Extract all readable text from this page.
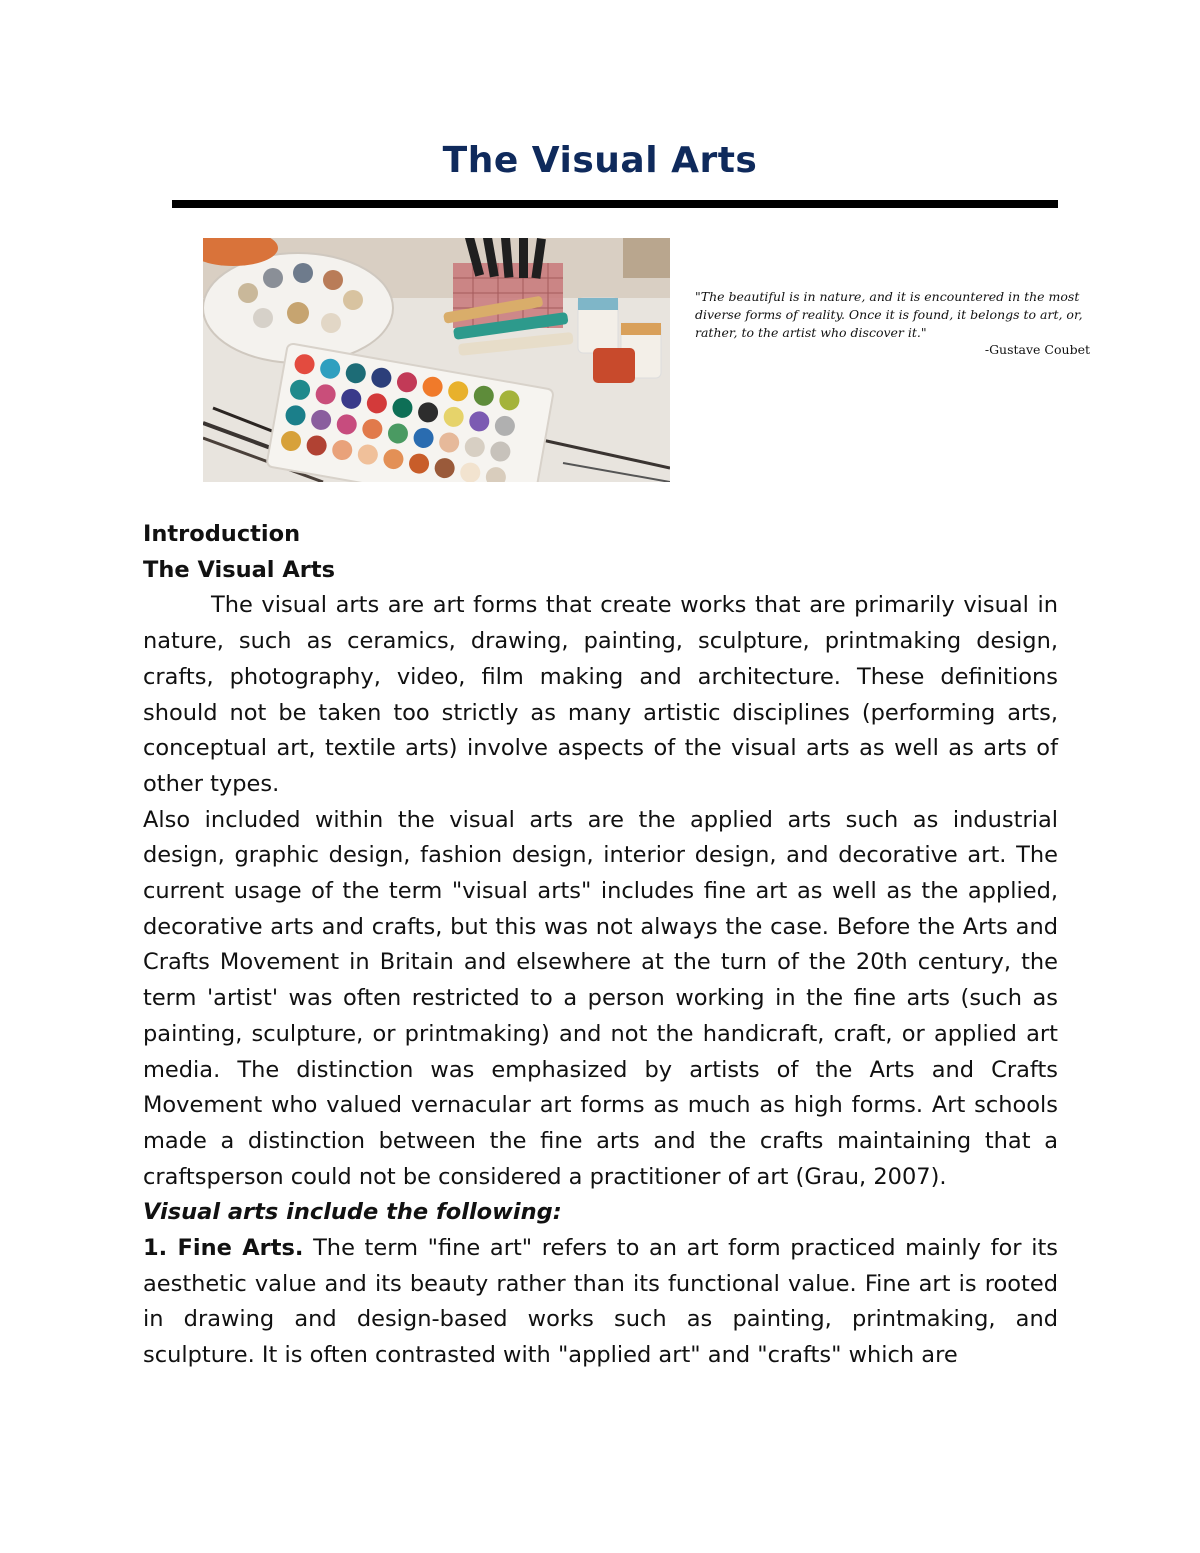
The Visual Arts
"The beautiful is in nature, and it is encountered in the most diverse forms of reality. Once it is found, it belongs to art, or, rather, to the artist who discover it."
-Gustave Coubet

Introduction

The Visual Arts

The visual arts are art forms that create works that are primarily visual in nature, such as ceramics, drawing, painting, sculpture, printmaking design, crafts, photography, video, film making and architecture. These definitions should not be taken too strictly as many artistic disciplines (performing arts, conceptual art, textile arts) involve aspects of the visual arts as well as arts of other types.

Also included within the visual arts are the applied arts such as industrial design, graphic design, fashion design, interior design, and decorative art. The current usage of the term "visual arts" includes fine art as well as the applied, decorative arts and crafts, but this was not always the case. Before the Arts and Crafts Movement in Britain and elsewhere at the turn of the 20th century, the term 'artist' was often restricted to a person working in the fine arts (such as painting, sculpture, or printmaking) and not the handicraft, craft, or applied art media. The distinction was emphasized by artists of the Arts and Crafts Movement who valued vernacular art forms as much as high forms. Art schools made a distinction between the fine arts and the crafts maintaining that a craftsperson could not be considered a practitioner of art (Grau, 2007).

Visual arts include the following:

1. Fine Arts. The term "fine art" refers to an art form practiced mainly for its aesthetic value and its beauty rather than its functional value. Fine art is rooted in drawing and design-based works such as painting, printmaking, and sculpture. It is often contrasted with "applied art" and "crafts" which are
